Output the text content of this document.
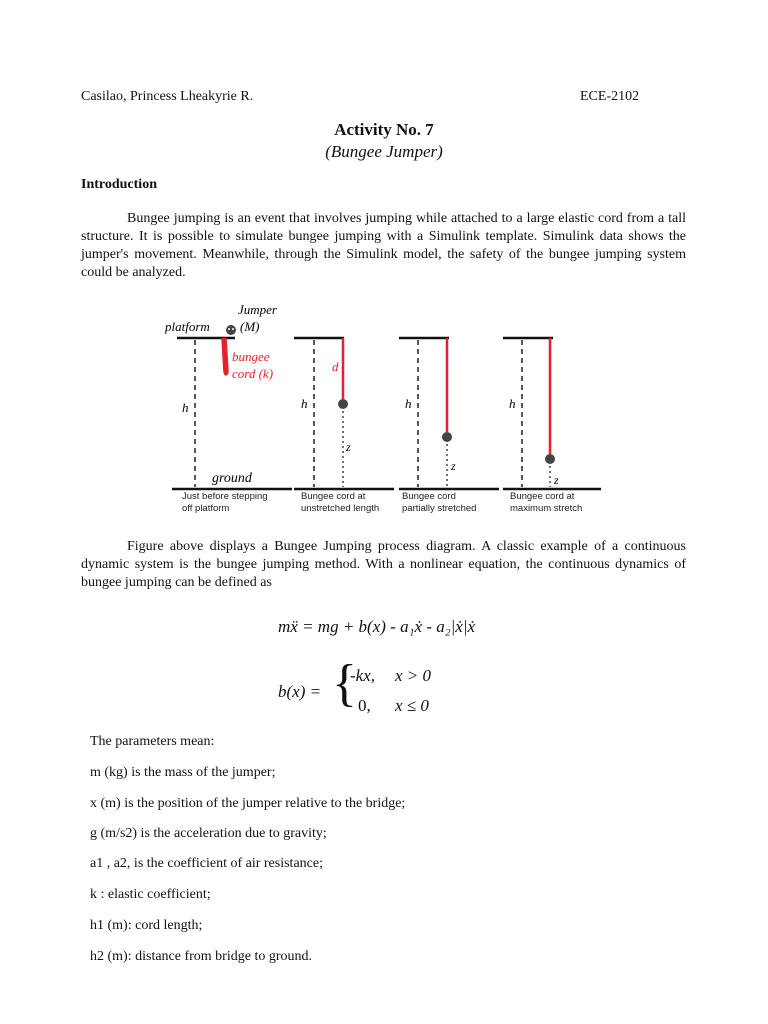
Casilao, Princess Lheakyrie R.	ECE-2102
Activity No. 7
(Bungee Jumper)
Introduction

Bungee jumping is an event that involves jumping while attached to a large elastic cord from a tall structure. It is possible to simulate bungee jumping with a Simulink template. Simulink data shows the jumper's movement. Meanwhile, through the Simulink model, the safety of the bungee jumping system could be analyzed.

platform
Jumper
(M)
bungee
cord (k)
h
ground
Just before stepping
off platform
d
h
z
Bungee cord at
unstretched length
h
z
Bungee cord
partially stretched
h
z
Bungee cord at
maximum stretch

Figure above displays a Bungee Jumping process diagram. A classic example of a continuous dynamic system is the bungee jumping method. With a nonlinear equation, the continuous dynamics of bungee jumping can be defined as

mẍ = mg + b(x) - a₁ẋ - a₂|ẋ|ẋ
b(x) = {
-kx, x > 0
0, x ≤ 0
The parameters mean:
m (kg) is the mass of the jumper;
x (m) is the position of the jumper relative to the bridge;
g (m/s2) is the acceleration due to gravity;
a1 , a2, is the coefficient of air resistance;
k : elastic coefficient;
h1 (m): cord length;
h2 (m): distance from bridge to ground.
